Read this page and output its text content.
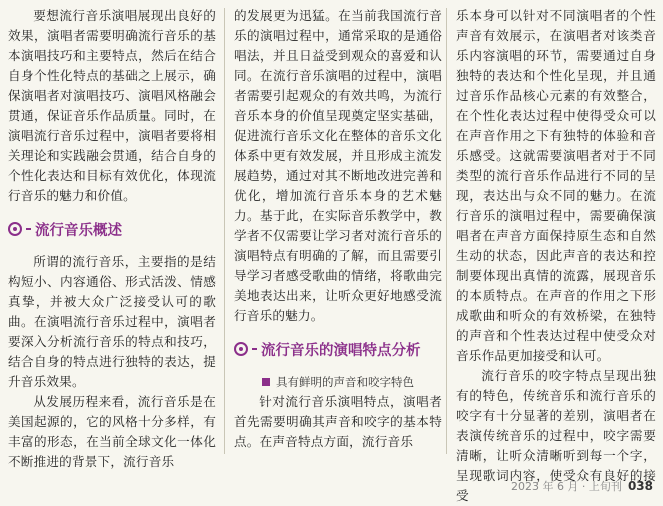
要想流行音乐演唱展现出良好的效果，演唱者需要明确流行音乐的基本演唱技巧和主要特点，然后在结合自身个性化特点的基础之上展示，确保演唱者对演唱技巧、演唱风格融会贯通，保证音乐作品质量。同时，在演唱流行音乐过程中，演唱者要将相关理论和实践融会贯通，结合自身的个性化表达和目标有效优化，体现流行音乐的魅力和价值。

流行音乐概述

所谓的流行音乐，主要指的是结构短小、内容通俗、形式活泼、情感真挚，并被大众广泛接受认可的歌曲。在演唱流行音乐过程中，演唱者要深入分析流行音乐的特点和技巧，结合自身的特点进行独特的表达，提升音乐效果。

从发展历程来看，流行音乐是在美国起源的，它的风格十分多样，有丰富的形态，在当前全球文化一体化不断推进的背景下，流行音乐

的发展更为迅猛。在当前我国流行音乐的演唱过程中，通常采取的是通俗唱法，并且日益受到观众的喜爱和认同。在流行音乐演唱的过程中，演唱者需要引起观众的有效共鸣，为流行音乐本身的价值呈现奠定坚实基础，促进流行音乐文化在整体的音乐文化体系中更有效发展，并且形成主流发展趋势，通过对其不断地改进完善和优化，增加流行音乐本身的艺术魅力。基于此，在实际音乐教学中，教学者不仅需要让学习者对流行音乐的演唱特点有明确的了解，而且需要引导学习者感受歌曲的情绪，将歌曲完美地表达出来，让听众更好地感受流行音乐的魅力。

流行音乐的演唱特点分析
具有鲜明的声音和咬字特色

针对流行音乐演唱特点，演唱者首先需要明确其声音和咬字的基本特点。在声音特点方面，流行音乐

乐本身可以针对不同演唱者的个性声音有效展示，在演唱者对该类音乐内容演唱的环节，需要通过自身独特的表达和个性化呈现，并且通过音乐作品核心元素的有效整合，在个性化表达过程中使得受众可以在声音作用之下有独特的体验和音乐感受。这就需要演唱者对于不同类型的流行音乐作品进行不同的呈现，表达出与众不同的魅力。在流行音乐的演唱过程中，需要确保演唱者在声音方面保持原生态和自然生动的状态，因此声音的表达和控制要体现出真情的流露，展现音乐的本质特点。在声音的作用之下形成歌曲和听众的有效桥梁，在独特的声音和个性表达过程中使受众对音乐作品更加接受和认可。

流行音乐的咬字特点呈现出独有的特色，传统音乐和流行音乐的咬字有十分显著的差别，演唱者在表演传统音乐的过程中，咬字需要清晰，让听众清晰听到每一个字，呈现歌词内容，使受众有良好的接受

2023 年 6 月 · 上旬刊 038
